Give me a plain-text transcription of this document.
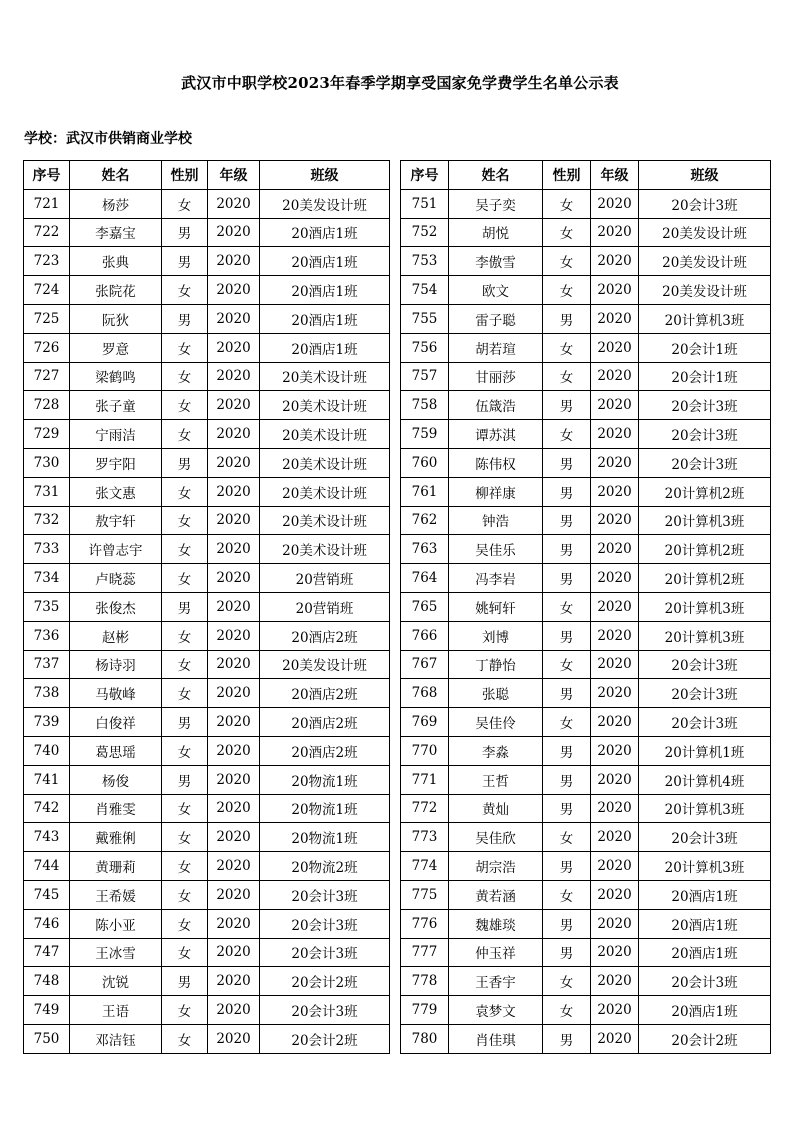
武汉市中职学校2023年春季学期享受国家免学费学生名单公示表
学校：武汉市供销商业学校
序号	姓名	性别	年级	班级
721	杨莎	女	2020	20美发设计班
722	李嘉宝	男	2020	20酒店1班
723	张典	男	2020	20酒店1班
724	张院花	女	2020	20酒店1班
725	阮狄	男	2020	20酒店1班
726	罗意	女	2020	20酒店1班
727	梁鹤鸣	女	2020	20美术设计班
728	张子童	女	2020	20美术设计班
729	宁雨洁	女	2020	20美术设计班
730	罗宇阳	男	2020	20美术设计班
731	张文惠	女	2020	20美术设计班
732	敖宇轩	女	2020	20美术设计班
733	许曾志宇	女	2020	20美术设计班
734	卢晓蕊	女	2020	20营销班
735	张俊杰	男	2020	20营销班
736	赵彬	女	2020	20酒店2班
737	杨诗羽	女	2020	20美发设计班
738	马敬峰	女	2020	20酒店2班
739	白俊祥	男	2020	20酒店2班
740	葛思瑶	女	2020	20酒店2班
741	杨俊	男	2020	20物流1班
742	肖雅雯	女	2020	20物流1班
743	戴雅俐	女	2020	20物流1班
744	黄珊莉	女	2020	20物流2班
745	王希媛	女	2020	20会计3班
746	陈小亚	女	2020	20会计3班
747	王冰雪	女	2020	20会计3班
748	沈锐	男	2020	20会计2班
749	王语	女	2020	20会计3班
750	邓洁钰	女	2020	20会计2班
序号	姓名	性别	年级	班级
751	吴子奕	女	2020	20会计3班
752	胡悦	女	2020	20美发设计班
753	李傲雪	女	2020	20美发设计班
754	欧文	女	2020	20美发设计班
755	雷子聪	男	2020	20计算机3班
756	胡若瑄	女	2020	20会计1班
757	甘丽莎	女	2020	20会计1班
758	伍箴浩	男	2020	20会计3班
759	谭苏淇	女	2020	20会计3班
760	陈伟权	男	2020	20会计3班
761	柳祥康	男	2020	20计算机2班
762	钟浩	男	2020	20计算机3班
763	吴佳乐	男	2020	20计算机2班
764	冯李岩	男	2020	20计算机2班
765	姚轲轩	女	2020	20计算机3班
766	刘博	男	2020	20计算机3班
767	丁静怡	女	2020	20会计3班
768	张聪	男	2020	20会计3班
769	吴佳伶	女	2020	20会计3班
770	李淼	男	2020	20计算机1班
771	王哲	男	2020	20计算机4班
772	黄灿	男	2020	20计算机3班
773	吴佳欣	女	2020	20会计3班
774	胡宗浩	男	2020	20计算机3班
775	黄若涵	女	2020	20酒店1班
776	魏雄琰	男	2020	20酒店1班
777	仲玉祥	男	2020	20酒店1班
778	王香宇	女	2020	20会计3班
779	袁梦文	女	2020	20酒店1班
780	肖佳琪	男	2020	20会计2班
